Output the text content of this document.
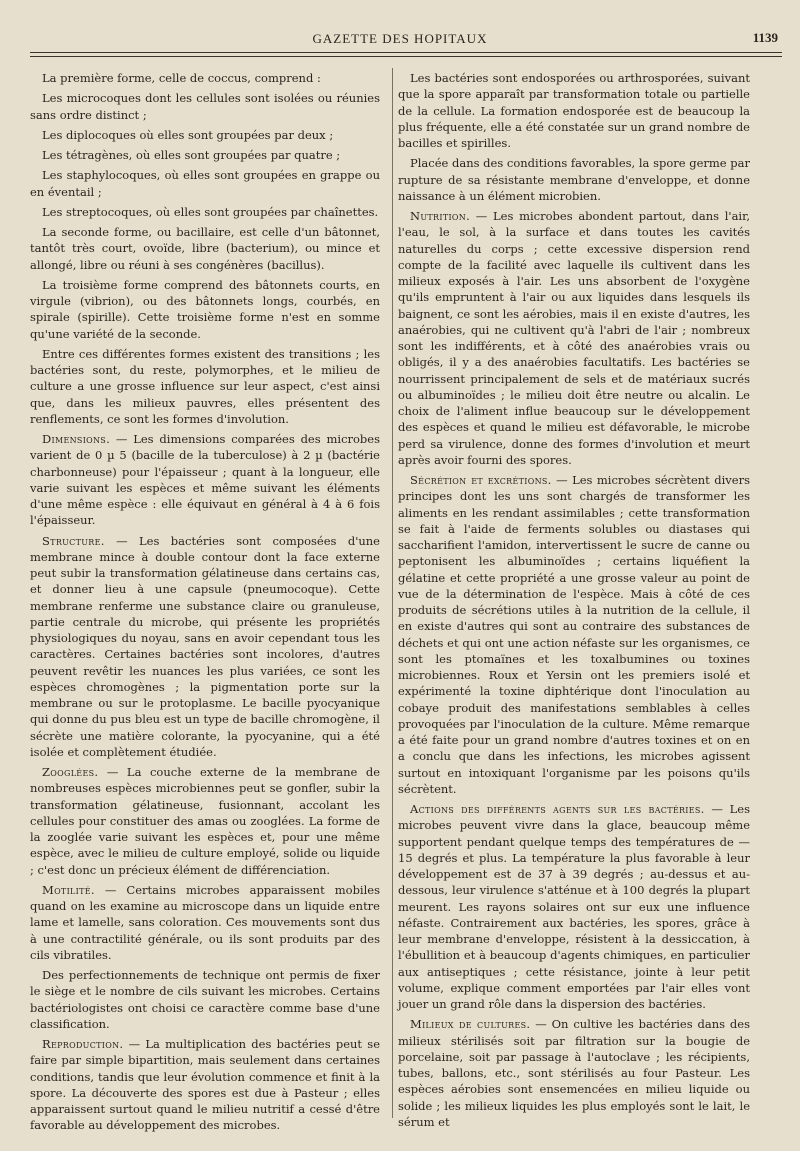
GAZETTE DES HOPITAUX	1139

La première forme, celle de coccus, comprend :

Les microcoques dont les cellules sont isolées ou réunies sans ordre distinct ;

Les diplocoques où elles sont groupées par deux ;

Les tétragènes, où elles sont groupées par quatre ;

Les staphylocoques, où elles sont groupées en grappe ou en éventail ;

Les streptocoques, où elles sont groupées par chaînettes.

La seconde forme, ou bacillaire, est celle d'un bâtonnet, tantôt très court, ovoïde, libre (bacterium), ou mince et allongé, libre ou réuni à ses congénères (bacillus).

La troisième forme comprend des bâtonnets courts, en virgule (vibrion), ou des bâtonnets longs, courbés, en spirale (spirille). Cette troisième forme n'est en somme qu'une variété de la seconde.

Entre ces différentes formes existent des transitions ; les bactéries sont, du reste, polymorphes, et le milieu de culture a une grosse influence sur leur aspect, c'est ainsi que, dans les milieux pauvres, elles présentent des renflements, ce sont les formes d'involution.

Dimensions. — Les dimensions comparées des microbes varient de 0 µ 5 (bacille de la tuberculose) à 2 µ (bactérie charbonneuse) pour l'épaisseur ; quant à la longueur, elle varie suivant les espèces et même suivant les éléments d'une même espèce : elle équivaut en général à 4 à 6 fois l'épaisseur.

Structure. — Les bactéries sont composées d'une membrane mince à double contour dont la face externe peut subir la transformation gélatineuse dans certains cas, et donner lieu à une capsule (pneumocoque). Cette membrane renferme une substance claire ou granuleuse, partie centrale du microbe, qui présente les propriétés physiologiques du noyau, sans en avoir cependant tous les caractères. Certaines bactéries sont incolores, d'autres peuvent revêtir les nuances les plus variées, ce sont les espèces chromogènes ; la pigmentation porte sur la membrane ou sur le protoplasme. Le bacille pyocyanique qui donne du pus bleu est un type de bacille chromogène, il sécrète une matière colorante, la pyocyanine, qui a été isolée et complètement étudiée.

Zooglées. — La couche externe de la membrane de nombreuses espèces microbiennes peut se gonfler, subir la transformation gélatineuse, fusionnant, accolant les cellules pour constituer des amas ou zooglées. La forme de la zooglée varie suivant les espèces et, pour une même espèce, avec le milieu de culture employé, solide ou liquide ; c'est donc un précieux élément de différenciation.

Motilité. — Certains microbes apparaissent mobiles quand on les examine au microscope dans un liquide entre lame et lamelle, sans coloration. Ces mouvements sont dus à une contractilité générale, ou ils sont produits par des cils vibratiles.

Des perfectionnements de technique ont permis de fixer le siège et le nombre de cils suivant les microbes. Certains bactériologistes ont choisi ce caractère comme base d'une classification.

Reproduction. — La multiplication des bactéries peut se faire par simple bipartition, mais seulement dans certaines conditions, tandis que leur évolution commence et finit à la spore. La découverte des spores est due à Pasteur ; elles apparaissent surtout quand le milieu nutritif a cessé d'être favorable au développement des microbes.

Les bactéries sont endosporées ou arthrosporées, suivant que la spore apparaît par transformation totale ou partielle de la cellule. La formation endosporée est de beaucoup la plus fréquente, elle a été constatée sur un grand nombre de bacilles et spirilles.

Placée dans des conditions favorables, la spore germe par rupture de sa résistante membrane d'enveloppe, et donne naissance à un élément microbien.

Nutrition. — Les microbes abondent partout, dans l'air, l'eau, le sol, à la surface et dans toutes les cavités naturelles du corps ; cette excessive dispersion rend compte de la facilité avec laquelle ils cultivent dans les milieux exposés à l'air. Les uns absorbent de l'oxygène qu'ils empruntent à l'air ou aux liquides dans lesquels ils baignent, ce sont les aérobies, mais il en existe d'autres, les anaérobies, qui ne cultivent qu'à l'abri de l'air ; nombreux sont les indifférents, et à côté des anaérobies vrais ou obligés, il y a des anaérobies facultatifs. Les bactéries se nourrissent principalement de sels et de matériaux sucrés ou albuminoïdes ; le milieu doit être neutre ou alcalin. Le choix de l'aliment influe beaucoup sur le développement des espèces et quand le milieu est défavorable, le microbe perd sa virulence, donne des formes d'involution et meurt après avoir fourni des spores.

Sécrétion et excrétions. — Les microbes sécrètent divers principes dont les uns sont chargés de transformer les aliments en les rendant assimilables ; cette transformation se fait à l'aide de ferments solubles ou diastases qui saccharifient l'amidon, intervertissent le sucre de canne ou peptonisent les albuminoïdes ; certains liquéfient la gélatine et cette propriété a une grosse valeur au point de vue de la détermination de l'espèce. Mais à côté de ces produits de sécrétions utiles à la nutrition de la cellule, il en existe d'autres qui sont au contraire des substances de déchets et qui ont une action néfaste sur les organismes, ce sont les ptomaïnes et les toxalbumines ou toxines microbiennes. Roux et Yersin ont les premiers isolé et expérimenté la toxine diphtérique dont l'inoculation au cobaye produit des manifestations semblables à celles provoquées par l'inoculation de la culture. Même remarque a été faite pour un grand nombre d'autres toxines et on en a conclu que dans les infections, les microbes agissent surtout en intoxiquant l'organisme par les poisons qu'ils sécrètent.

Actions des différents agents sur les bactéries. — Les microbes peuvent vivre dans la glace, beaucoup même supportent pendant quelque temps des températures de — 15 degrés et plus. La température la plus favorable à leur développement est de 37 à 39 degrés ; au-dessus et au-dessous, leur virulence s'atténue et à 100 degrés la plupart meurent. Les rayons solaires ont sur eux une influence néfaste. Contrairement aux bactéries, les spores, grâce à leur membrane d'enveloppe, résistent à la dessiccation, à l'ébullition et à beaucoup d'agents chimiques, en particulier aux antiseptiques ; cette résistance, jointe à leur petit volume, explique comment emportées par l'air elles vont jouer un grand rôle dans la dispersion des bactéries.

Milieux de cultures. — On cultive les bactéries dans des milieux stérilisés soit par filtration sur la bougie de porcelaine, soit par passage à l'autoclave ; les récipients, tubes, ballons, etc., sont stérilisés au four Pasteur. Les espèces aérobies sont ensemencées en milieu liquide ou solide ; les milieux liquides les plus employés sont le lait, le sérum et
